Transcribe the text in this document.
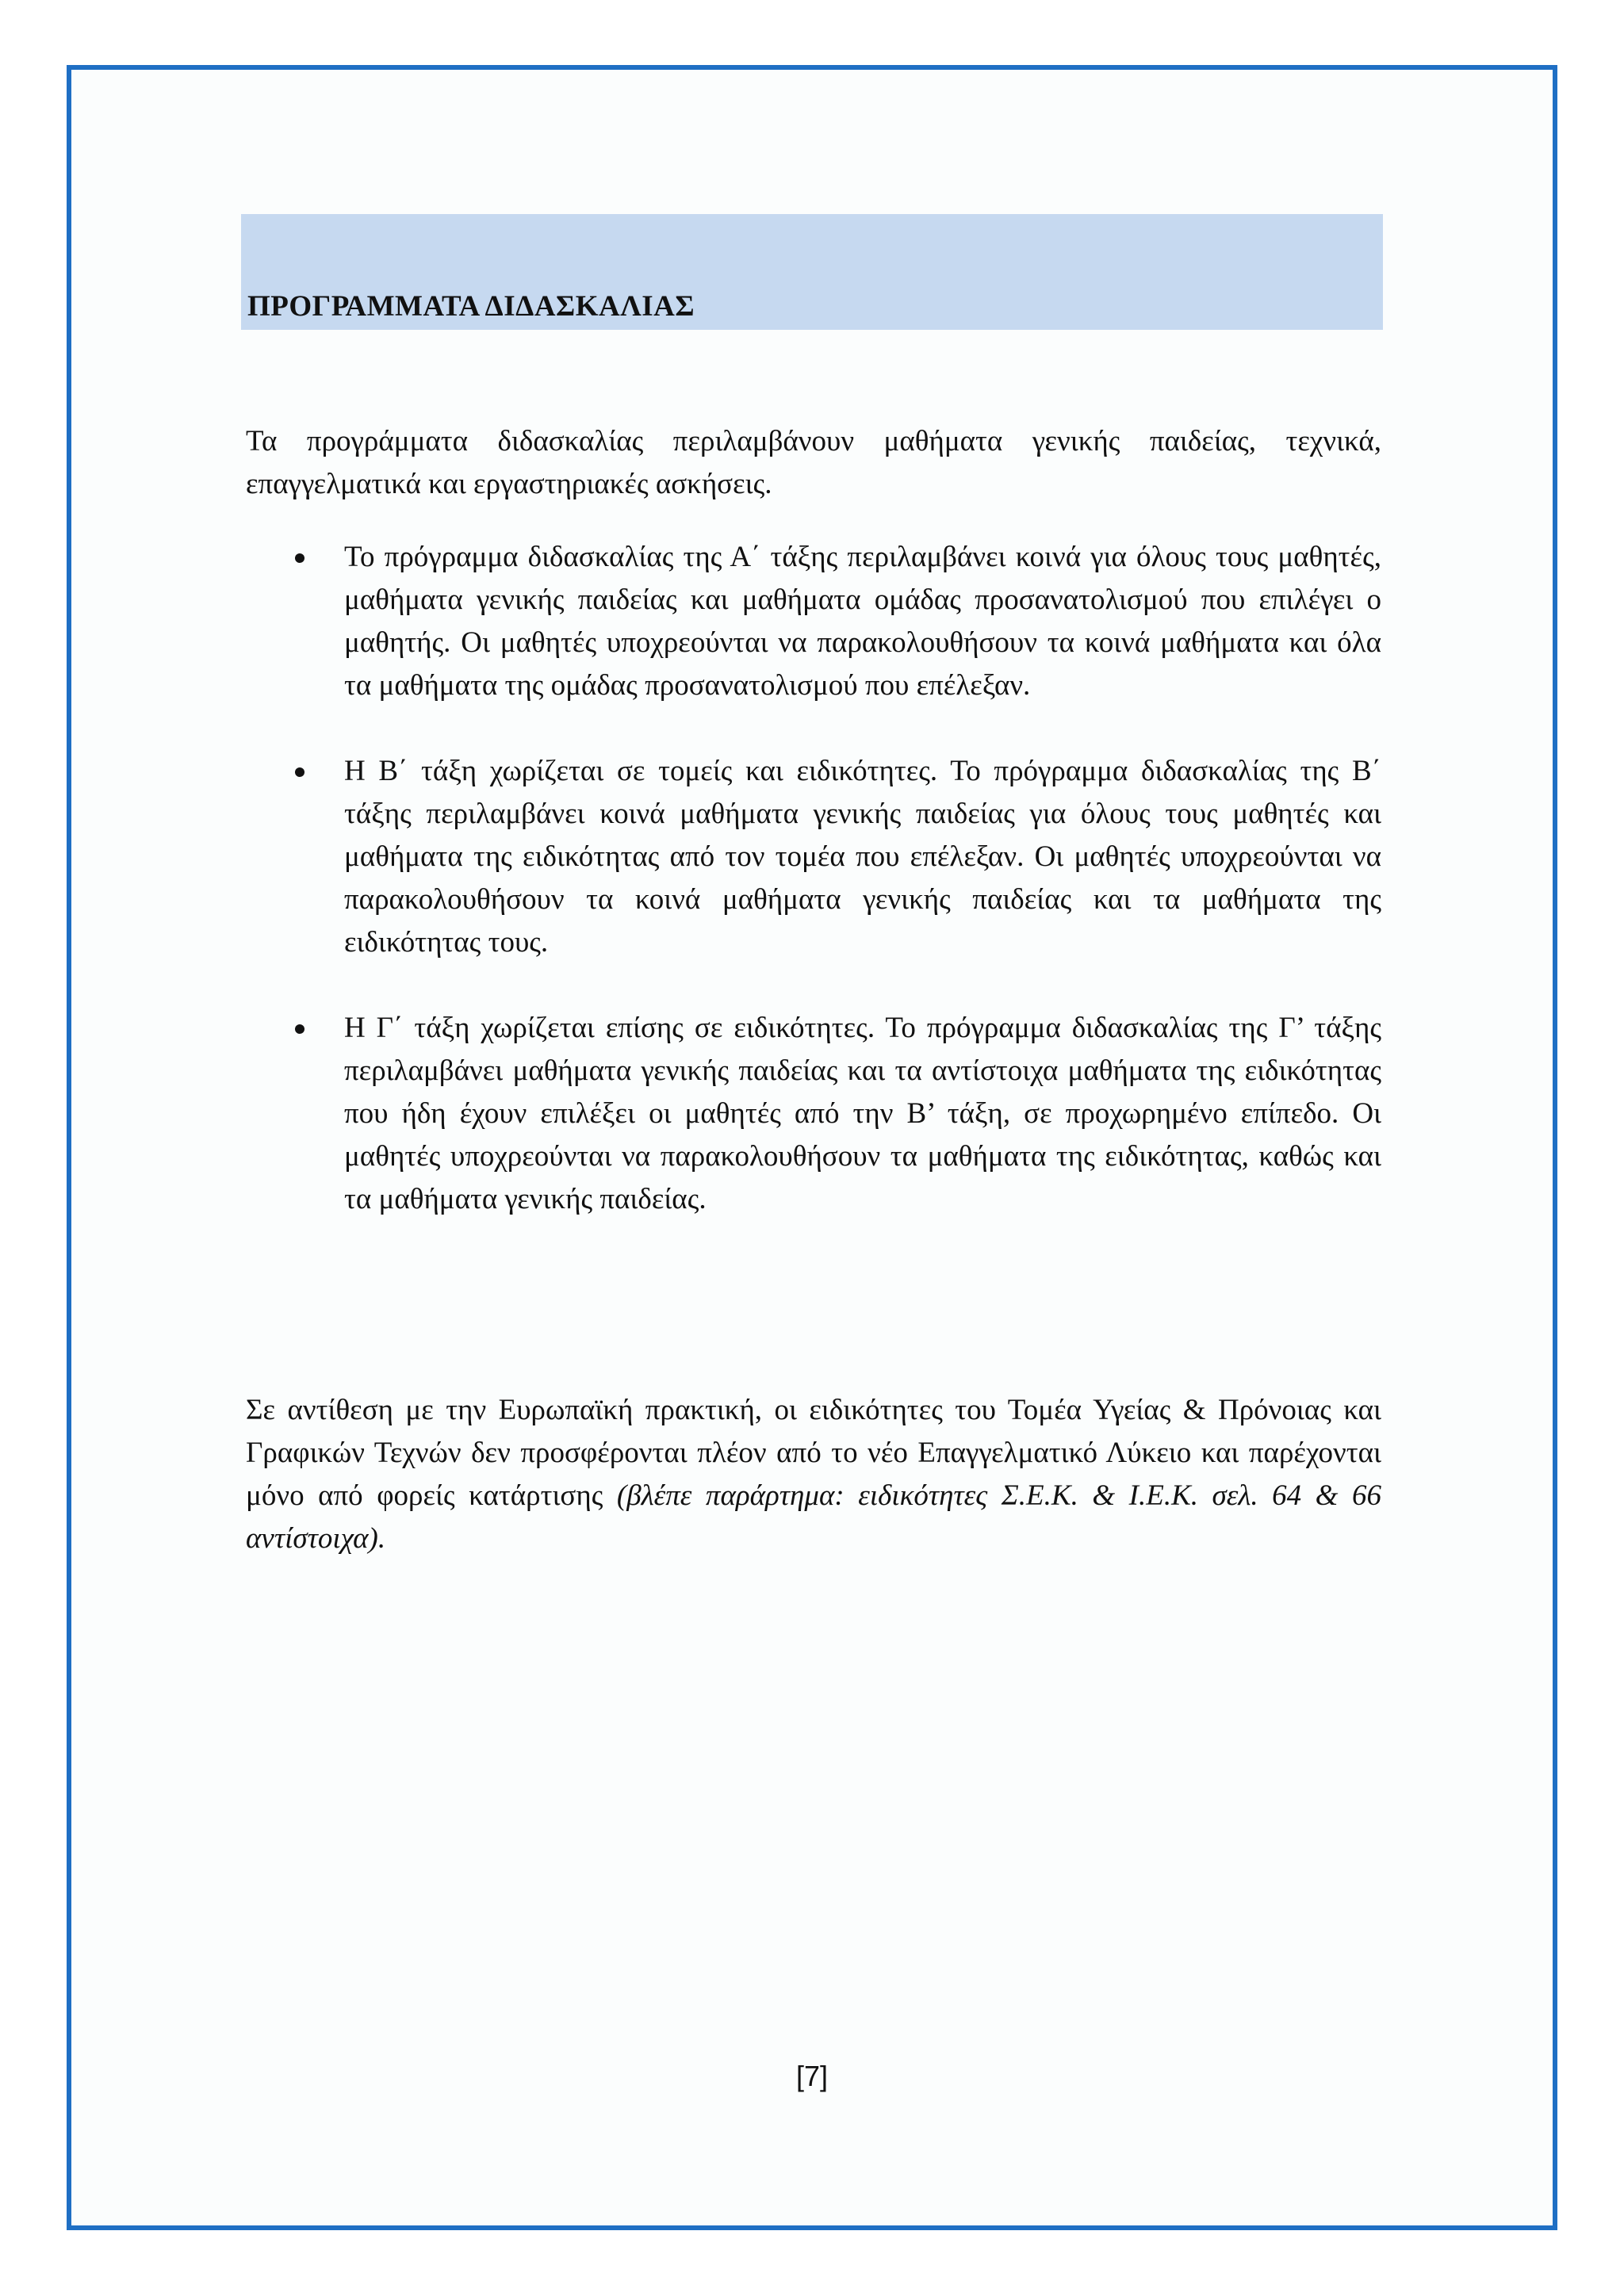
ΠΡΟΓΡΑΜΜΑΤΑ ΔΙΔΑΣΚΑΛΙΑΣ

Τα προγράμματα διδασκαλίας περιλαμβάνουν μαθήματα γενικής παιδείας, τεχνικά, επαγγελματικά και εργαστηριακές ασκήσεις.

Το πρόγραμμα διδασκαλίας της Α΄ τάξης περιλαμβάνει κοινά για όλους τους μαθητές, μαθήματα γενικής παιδείας και μαθήματα ομάδας προσανατολισμού που επιλέγει ο μαθητής. Οι μαθητές υποχρεούνται να παρακολουθήσουν τα κοινά μαθήματα και όλα τα μαθήματα της ομάδας προσανατολισμού που επέλεξαν.
Η Β΄ τάξη χωρίζεται σε τομείς και ειδικότητες. Το πρόγραμμα διδασκαλίας της Β΄ τάξης περιλαμβάνει κοινά μαθήματα γενικής παιδείας για όλους τους μαθητές και μαθήματα της ειδικότητας από τον τομέα που επέλεξαν. Οι μαθητές υποχρεούνται να παρακολουθήσουν τα κοινά μαθήματα γενικής παιδείας και τα μαθήματα της ειδικότητας τους.
Η Γ΄ τάξη χωρίζεται επίσης σε ειδικότητες. Το πρόγραμμα διδασκαλίας της Γ’ τάξης περιλαμβάνει μαθήματα γενικής παιδείας και τα αντίστοιχα μαθήματα της ειδικότητας που ήδη έχουν επιλέξει οι μαθητές από την Β’ τάξη, σε προχωρημένο επίπεδο. Οι μαθητές υποχρεούνται να παρακολουθήσουν τα μαθήματα της ειδικότητας, καθώς και τα μαθήματα γενικής παιδείας.

Σε αντίθεση με την Ευρωπαϊκή πρακτική, οι ειδικότητες του Τομέα Υγείας & Πρόνοιας και Γραφικών Τεχνών δεν προσφέρονται πλέον από το νέο Επαγγελματικό Λύκειο και παρέχονται μόνο από φορείς κατάρτισης (βλέπε παράρτημα: ειδικότητες Σ.Ε.Κ. & Ι.Ε.Κ. σελ. 64 & 66 αντίστοιχα).

[7]
